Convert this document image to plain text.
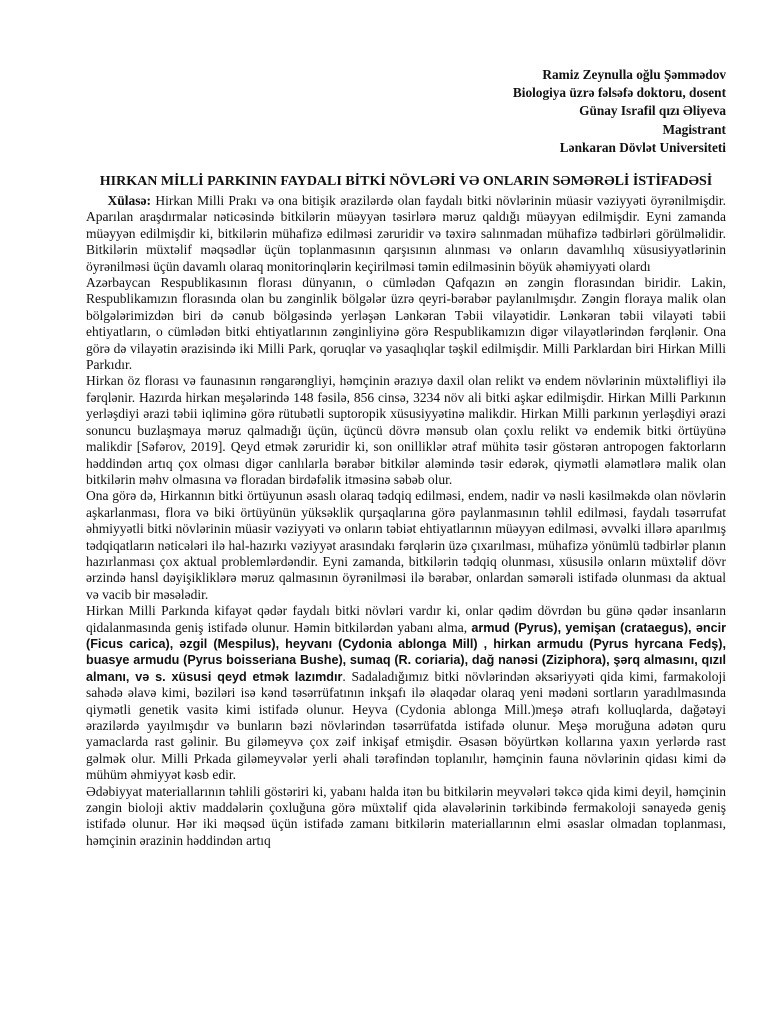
Ramiz Zeynulla oğlu Şəmmədov
Biologiya üzrə fəlsəfə doktoru, dosent
Günay Israfil qızı Əliyeva
Magistrant
Lənkaran Dövlət Universiteti
HIRKAN MİLLİ PARKININ FAYDALI BİTKİ NÖVLƏRİ VƏ ONLARIN SƏMƏRƏLİ İSTİFADƏSİ

Xülasə: Hirkan Milli Prakı və ona bitişik ərazilərdə olan faydalı bitki növlərinin müasir vəziyyəti öyrənilmişdir. Aparılan araşdırmalar nəticəsində bitkilərin müəyyən təsirlərə məruz qaldığı müəyyən edilmişdir. Eyni zamanda müəyyən edilmişdir ki, bitkilərin mühafizə edilməsi zəruridir və təxirə salınmadan mühafizə tədbirləri görülməlidir. Bitkilərin müxtəlif məqsədlər üçün toplanmasının qarşısının alınması və onların davamlılıq xüsusiyyətlərinin öyrənilməsi üçün davamlı olaraq monitorinqlərin keçirilməsi təmin edilməsinin böyük əhəmiyyəti olardı

Azərbaycan Respublikasının florası dünyanın, o cümlədən Qafqazın ən zəngin florasından biridir. Lakin, Respublikamızın florasında olan bu zənginlik bölgələr üzrə qeyri-bərabər paylanılmışdır. Zəngin floraya malik olan bölgələrimizdən biri də cənub bölgəsində yerləşən Lənkəran Təbii vilayətidir. Lənkəran təbii vilayəti təbii ehtiyatların, o cümlədən bitki ehtiyatlarının zənginliyinə görə Respublikamızın digər vilayətlərindən fərqlənir. Ona görə də vilayətin ərazisində iki Milli Park, qoruqlar və yasaqlıqlar təşkil edilmişdir. Milli Parklardan biri Hirkan Milli Parkıdır.

Hirkan öz florası və faunasının rəngarəngliyi, həmçinin ərazıyə daxil olan relikt və endem növlərinin müxtəlifliyi ilə fərqlənir. Hazırda hirkan meşələrində 148 fəsilə, 856 cinsə, 3234 növ ali bitki aşkar edilmişdir. Hirkan Milli Parkının yerləşdiyi ərazi təbii iqliminə görə rütubətli suptoropik xüsusiyyətinə malikdir. Hirkan Milli parkının yerləşdiyi ərazi sonuncu buzlaşmaya məruz qalmadığı üçün, üçüncü dövrə mənsub olan çoxlu relikt və endemik bitki örtüyünə malikdir [Səfərov, 2019]. Qeyd etmək zəruridir ki, son onilliklər ətraf mühitə təsir göstərən antropogen faktorların həddindən artıq çox olması digər canlılarla bərabər bitkilər aləmində təsir edərək, qiymətli əlamətlərə malik olan bitkilərin məhv olmasına və floradan birdəfəlik itməsinə səbəb olur.

Ona görə də, Hirkannın bitki örtüyunun əsaslı olaraq tədqiq edilməsi, endem, nadir və nəsli kəsilməkdə olan növlərin aşkarlanması, flora və biki örtüyünün yüksəklik qurşaqlarına görə paylanmasının təhlil edilməsi, faydalı təsərrufat əhmiyyətli bitki növlərinin müasir vəziyyəti və onların təbiət ehtiyatlarının müəyyən edilməsi, əvvəlki illərə aparılmış tədqiqatların nəticələri ilə hal-hazırkı vəziyyət arasındakı fərqlərin üzə çıxarılması, mühafizə yönümlü tədbirlər planın hazırlanması çox aktual problemlərdəndir. Eyni zamanda, bitkilərin tədqiq olunması, xüsusilə onların müxtəlif dövr ərzində hansl dəyişikliklərə məruz qalmasının öyrənilməsi ilə bərabər, onlardan səmərəli istifadə olunması da aktual və vacib bir məsələdir.

Hirkan Milli Parkında kifayət qədər faydalı bitki növləri vardır ki, onlar qədim dövrdən bu günə qədər insanların qidalanmasında geniş istifadə olunur. Həmin bitkilərdən yabanı alma, armud (Pyrus), yemişan (crataegus), əncir (Ficus carica), əzgil (Mespilus), heyvanı (Cydonia ablonga Mill) , hirkan armudu (Pyrus hyrcana Fedş), buasye armudu (Pyrus boisseriana Bushe), sumaq (R. coriaria), dağ nanəsi (Ziziphora), şərq almasını, qızıl almanı, və s. xüsusi qeyd etmək lazımdır. Sadaladığımız bitki növlərindən əksəriyyəti qida kimi, farmakoloji sahədə əlavə kimi, bəziləri isə kənd təsərrüfatının inkşafı ilə əlaqədar olaraq yeni mədəni sortların yaradılmasında qiymətli genetik vasitə kimi istifadə olunur. Heyva (Cydonia ablonga Mill.)meşə ətrafı kolluqlarda, dağətəyi ərazilərdə yayılmışdır və bunların bəzi növlərindən təsərrüfatda istifadə olunur. Meşə moruğuna adətən quru yamaclarda rast gəlinir. Bu giləmeyvə çox zəif inkişaf etmişdir. Əsasən böyürtkən kollarına yaxın yerlərdə rast gəlmək olur. Milli Prkada giləmeyvələr yerli əhali tərəfindən toplanılır, həmçinin fauna növlərinin qidası kimi də mühüm əhmiyyət kəsb edir.

Ədəbiyyat materiallarının təhlili göstəriri ki, yabanı halda itən bu bitkilərin meyvələri təkcə qida kimi deyil, həmçinin zəngin bioloji aktiv maddələrin çoxluğuna görə müxtəlif qida əlavələrinin tərkibində fermakoloji sənayedə geniş istifadə olunur. Hər iki məqsəd üçün istifadə zamanı bitkilərin materiallarının elmi əsaslar olmadan toplanması, həmçinin ərazinin həddindən artıq
